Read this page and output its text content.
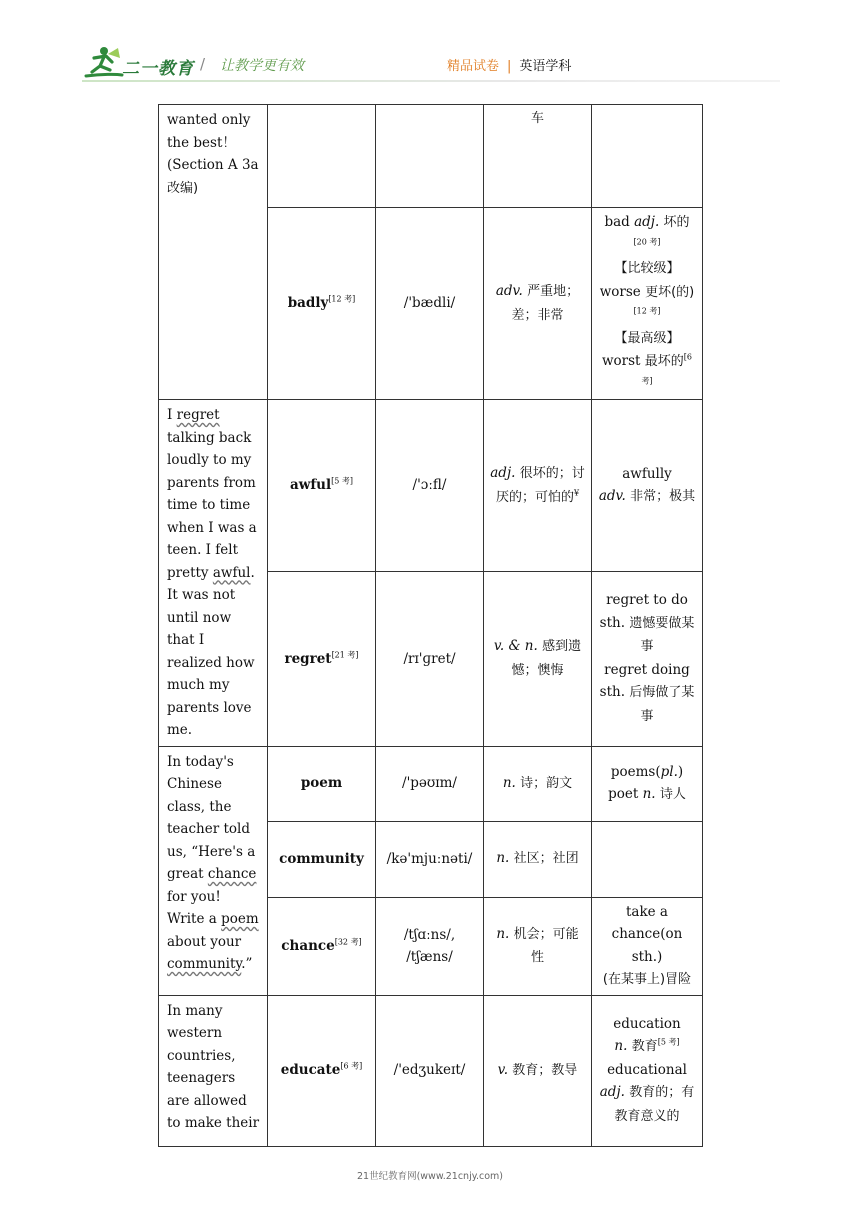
二一教育 / 让教学更有效	精品试卷 | 英语学科
wanted only
the best！
(Section A 3a
改编)			车	
	badly[12 考]	/'bædli/	adv. 严重地；差；非常	bad adj. 坏的[20 考]
【比较级】
worse 更坏(的)[12 考]
【最高级】
worst 最坏的[6 考]
I regret talking back loudly to my parents from time to time when I was a teen. I felt pretty awful. It was not until now that I realized how much my parents love me.	awful[5 考]	/'ɔːfl/	adj. 很坏的；讨厌的；可怕的¥	awfully
adv. 非常；极其
	regret[21 考]	/rɪ'ɡret/	v. & n. 感到遗憾；懊悔	regret to do sth. 遗憾要做某事
regret doing sth. 后悔做了某事
In today's Chinese class, the teacher told us, “Here's a great chance for you! Write a poem about your community.”	poem	/'pəʊɪm/	n. 诗；韵文	poems(pl.)
poet n. 诗人
	community	/kə'mjuːnəti/	n. 社区；社团	
	chance[32 考]	/tʃɑːns/, /tʃæns/	n. 机会；可能性	take a chance(on sth.)
(在某事上)冒险
In many western countries, teenagers are allowed to make their	educate[6 考]	/'edʒukeɪt/	v. 教育；教导	education
n. 教育[5 考]
educational
adj. 教育的；有教育意义的
21世纪教育网(www.21cnjy.com)
